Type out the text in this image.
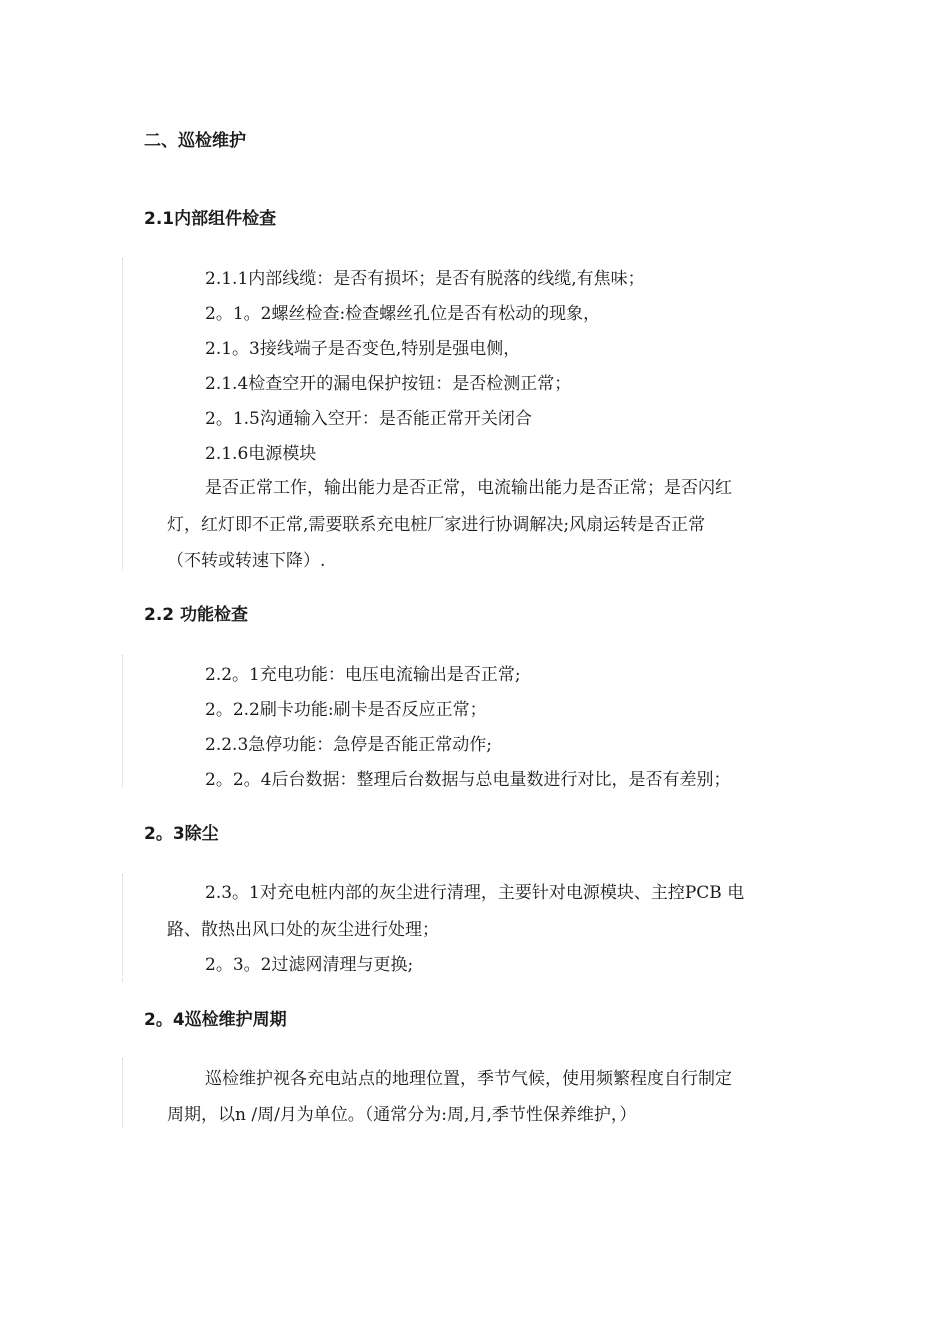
二、巡检维护
2.1内部组件检查
2.1.1内部线缆：是否有损坏；是否有脱落的线缆,有焦味；
2。1。2螺丝检查:检查螺丝孔位是否有松动的现象，
2.1。3接线端子是否变色,特别是强电侧，
2.1.4检查空开的漏电保护按钮：是否检测正常；
2。1.5沟通输入空开：是否能正常开关闭合
2.1.6电源模块
是否正常工作，输出能力是否正常，电流输出能力是否正常；是否闪红
灯，红灯即不正常,需要联系充电桩厂家进行协调解决;风扇运转是否正常
（不转或转速下降）.
2.2 功能检查
2.2。1充电功能：电压电流输出是否正常;
2。2.2刷卡功能:刷卡是否反应正常；
2.2.3急停功能：急停是否能正常动作;
2。2。4后台数据：整理后台数据与总电量数进行对比，是否有差别；
2。3除尘
2.3。1对充电桩内部的灰尘进行清理，主要针对电源模块、主控PCB 电
路、散热出风口处的灰尘进行处理；
2。3。2过滤网清理与更换;
2。4巡检维护周期
巡检维护视各充电站点的地理位置，季节气候，使用频繁程度自行制定
周期，以n /周/月为单位。（通常分为:周,月,季节性保养维护，）
